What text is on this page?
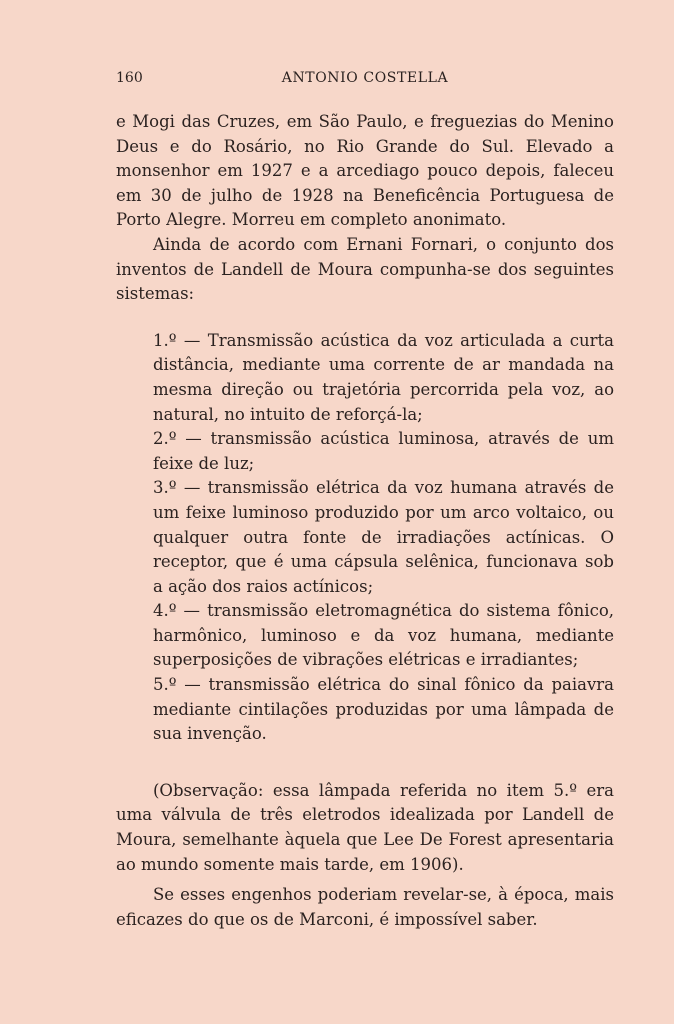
160	ANTONIO COSTELLA

e Mogi das Cruzes, em São Paulo, e freguezias do Menino Deus e do Rosário, no Rio Grande do Sul. Elevado a monsenhor em 1927 e a arcediago pouco depois, faleceu em 30 de julho de 1928 na Beneficência Portuguesa de Porto Alegre. Morreu em completo anonimato.

Ainda de acordo com Ernani Fornari, o conjunto dos inventos de Landell de Moura compunha-se dos seguintes sistemas:

1.º — Transmissão acústica da voz articulada a curta distância, mediante uma corrente de ar mandada na mesma direção ou trajetória percorrida pela voz, ao natural, no intuito de reforçá-la;

2.º — transmissão acústica luminosa, através de um feixe de luz;

3.º — transmissão elétrica da voz humana através de um feixe luminoso produzido por um arco voltaico, ou qualquer outra fonte de irradiações actínicas. O receptor, que é uma cápsula selênica, funcionava sob a ação dos raios actínicos;

4.º — transmissão eletromagnética do sistema fônico, harmônico, luminoso e da voz humana, mediante superposições de vibrações elétricas e irradiantes;

5.º — transmissão elétrica do sinal fônico da paiavra mediante cintilações produzidas por uma lâmpada de sua invenção.

(Observação: essa lâmpada referida no item 5.º era uma válvula de três eletrodos idealizada por Landell de Moura, semelhante àquela que Lee De Forest apresentaria ao mundo somente mais tarde, em 1906).

Se esses engenhos poderiam revelar-se, à época, mais eficazes do que os de Marconi, é impossível saber.
